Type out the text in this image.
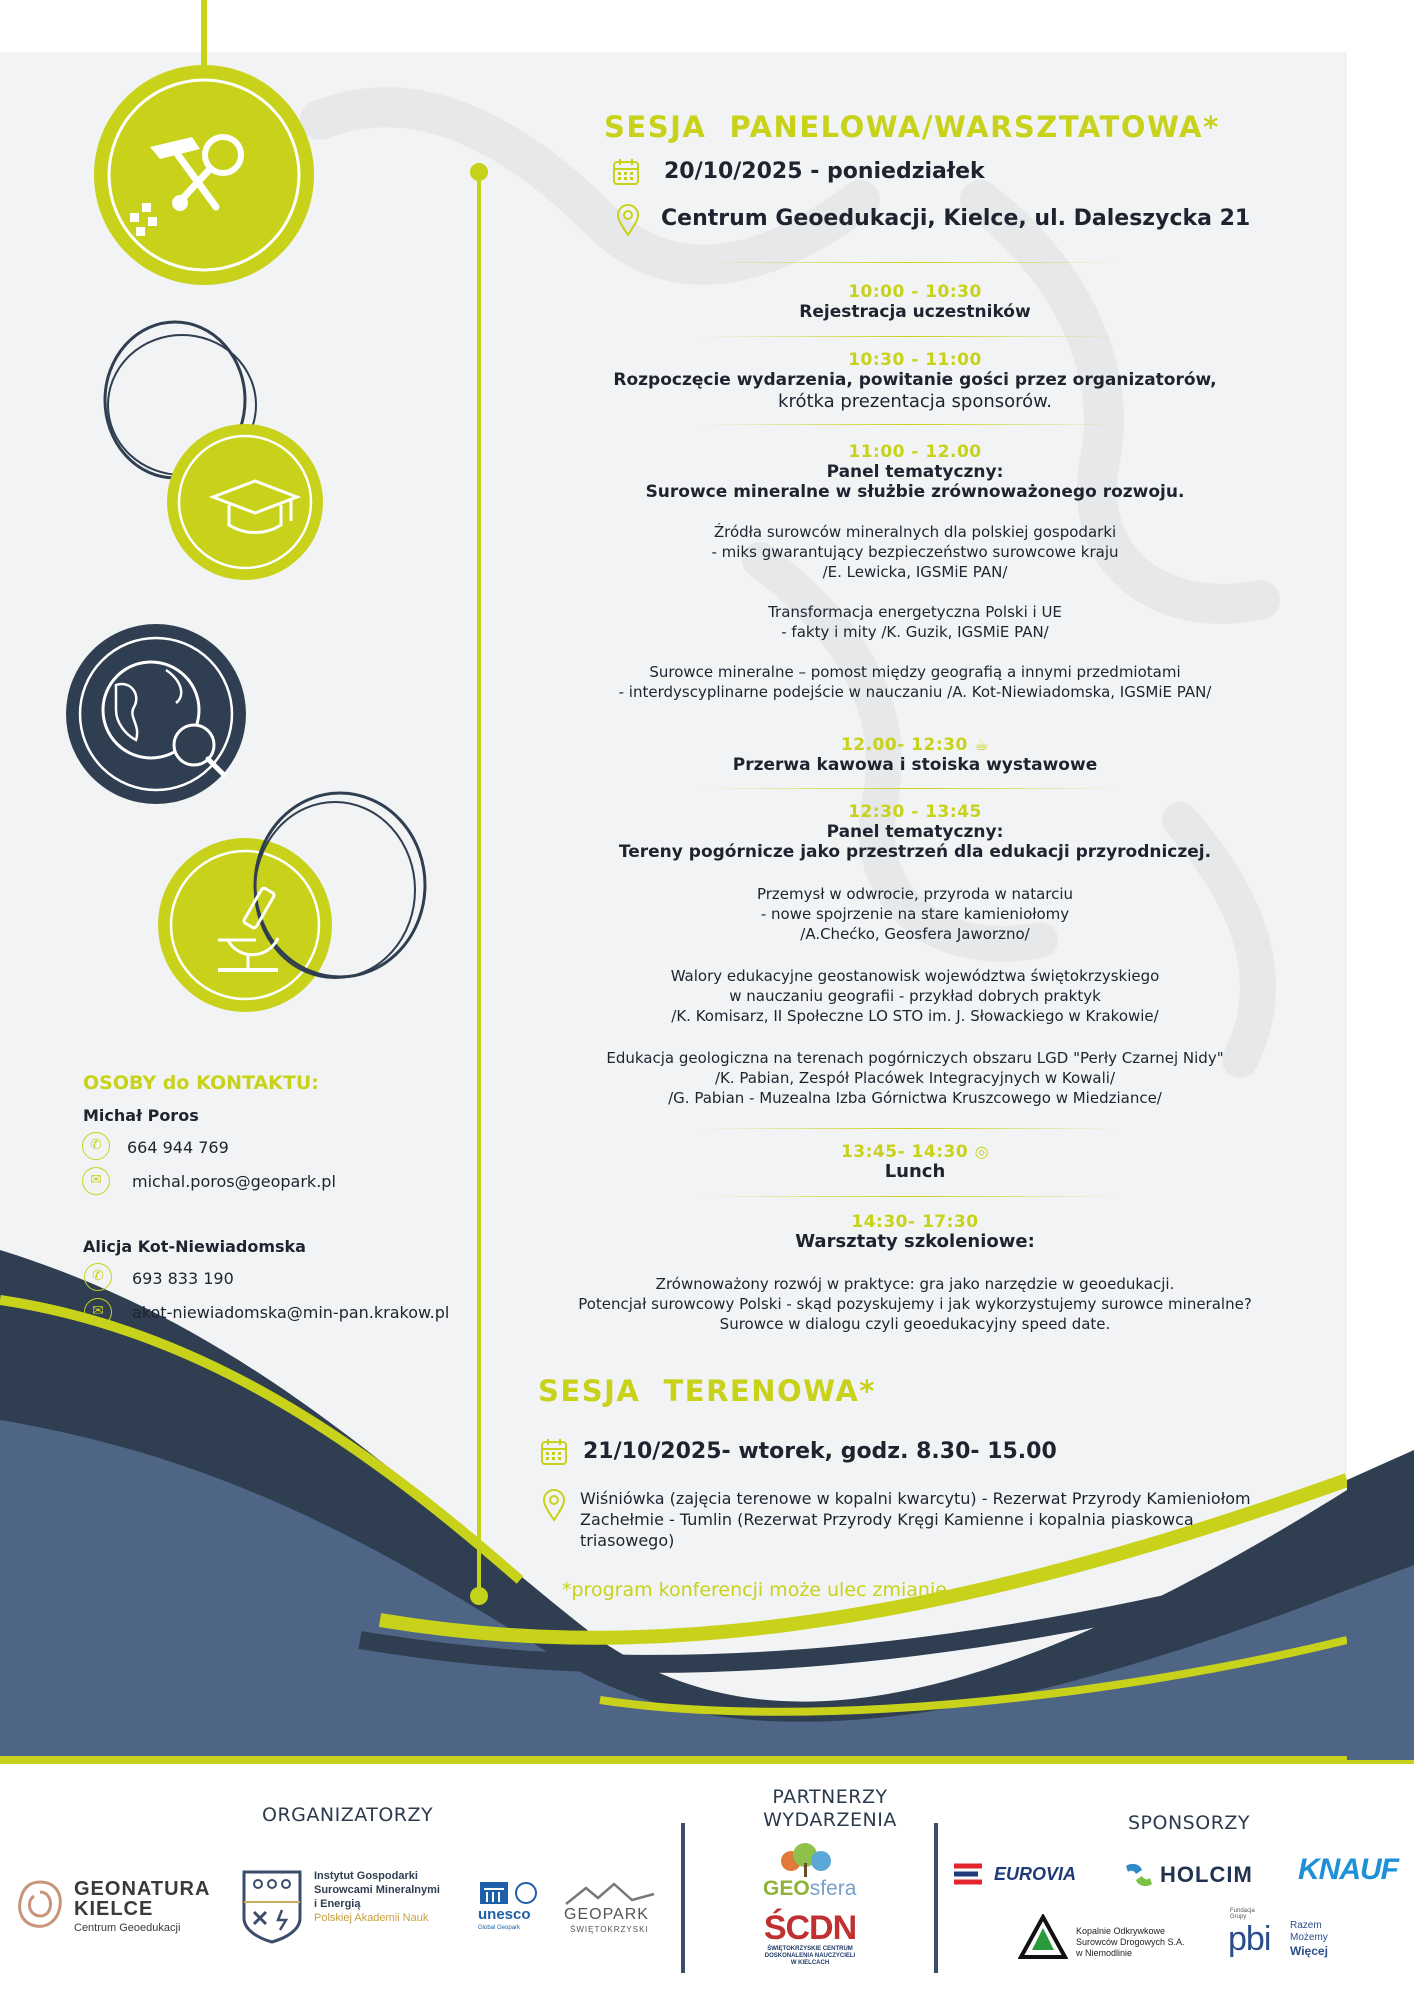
SESJA  PANELOWA/WARSZTATOWA*
20/10/2025 - poniedziałek
Centrum Geoedukacji, Kielce, ul. Daleszycka 21
10:00 - 10:30
Rejestracja uczestników
10:30 - 11:00
Rozpoczęcie wydarzenia, powitanie gości przez organizatorów,
krótka prezentacja sponsorów.
11:00 - 12.00
Panel tematyczny:
Surowce mineralne w służbie zrównoważonego rozwoju.
Źródła surowców mineralnych dla polskiej gospodarki
- miks gwarantujący bezpieczeństwo surowcowe kraju
/E. Lewicka, IGSMiE PAN/
Transformacja energetyczna Polski i UE
- fakty i mity /K. Guzik, IGSMiE PAN/
Surowce mineralne – pomost między geografią a innymi przedmiotami
- interdyscyplinarne podejście w nauczaniu /A. Kot-Niewiadomska, IGSMiE PAN/
12.00- 12:30 ☕
Przerwa kawowa i stoiska wystawowe
12:30 - 13:45
Panel tematyczny:
Tereny pogórnicze jako przestrzeń dla edukacji przyrodniczej.
Przemysł w odwrocie, przyroda w natarciu
- nowe spojrzenie na stare kamieniołomy
/A.Chećko, Geosfera Jaworzno/
Walory edukacyjne geostanowisk województwa świętokrzyskiego
w nauczaniu geografii - przykład dobrych praktyk
/K. Komisarz, II Społeczne LO STO im. J. Słowackiego w Krakowie/
Edukacja geologiczna na terenach pogórniczych obszaru LGD "Perły Czarnej Nidy"
/K. Pabian, Zespół Placówek Integracyjnych w Kowali/
/G. Pabian - Muzealna Izba Górnictwa Kruszcowego w Miedziance/
13:45- 14:30 ◎
Lunch
14:30- 17:30
Warsztaty szkoleniowe:
Zrównoważony rozwój w praktyce: gra jako narzędzie w geoedukacji.
Potencjał surowcowy Polski - skąd pozyskujemy i jak wykorzystujemy surowce mineralne?
Surowce w dialogu czyli geoedukacyjny speed date.
SESJA  TERENOWA*
21/10/2025- wtorek, godz. 8.30- 15.00
Wiśniówka (zajęcia terenowe w kopalni kwarcytu) - Rezerwat Przyrody Kamieniołom
Zachełmie - Tumlin (Rezerwat Przyrody Kręgi Kamienne i kopalnia piaskowca
triasowego)
*program konferencji może ulec zmianie
OSOBY do KONTAKTU:
Michał Poros
✆	664 944 769
✉	michal.poros@geopark.pl
Alicja Kot-Niewiadomska
✆	693 833 190
✉	akot-niewiadomska@min-pan.krakow.pl
ORGANIZATORZY
PARTNERZY
WYDARZENIA	SPONSORZY
GEONATURA
KIELCE
Centrum Geoedukacji
Instytut Gospodarki
Surowcami Mineralnymi
i Energią
Polskiej Akademii Nauk	unesco
Global Geopark
GEOPARK
ŚWIĘTOKRZYSKI
GEOsfera
ŚCDN
ŚWIĘTOKRZYSKIE CENTRUM
DOSKONALENIA NAUCZYCIELI
W KIELCACH
EUROVIA	HOLCIM KNAUF
Kopalnie Odkrywkowe
Surowców Drogowych S.A.
w Niemodlinie
Fundacja Grupy
pbi Razem
Możemy
Więcej
